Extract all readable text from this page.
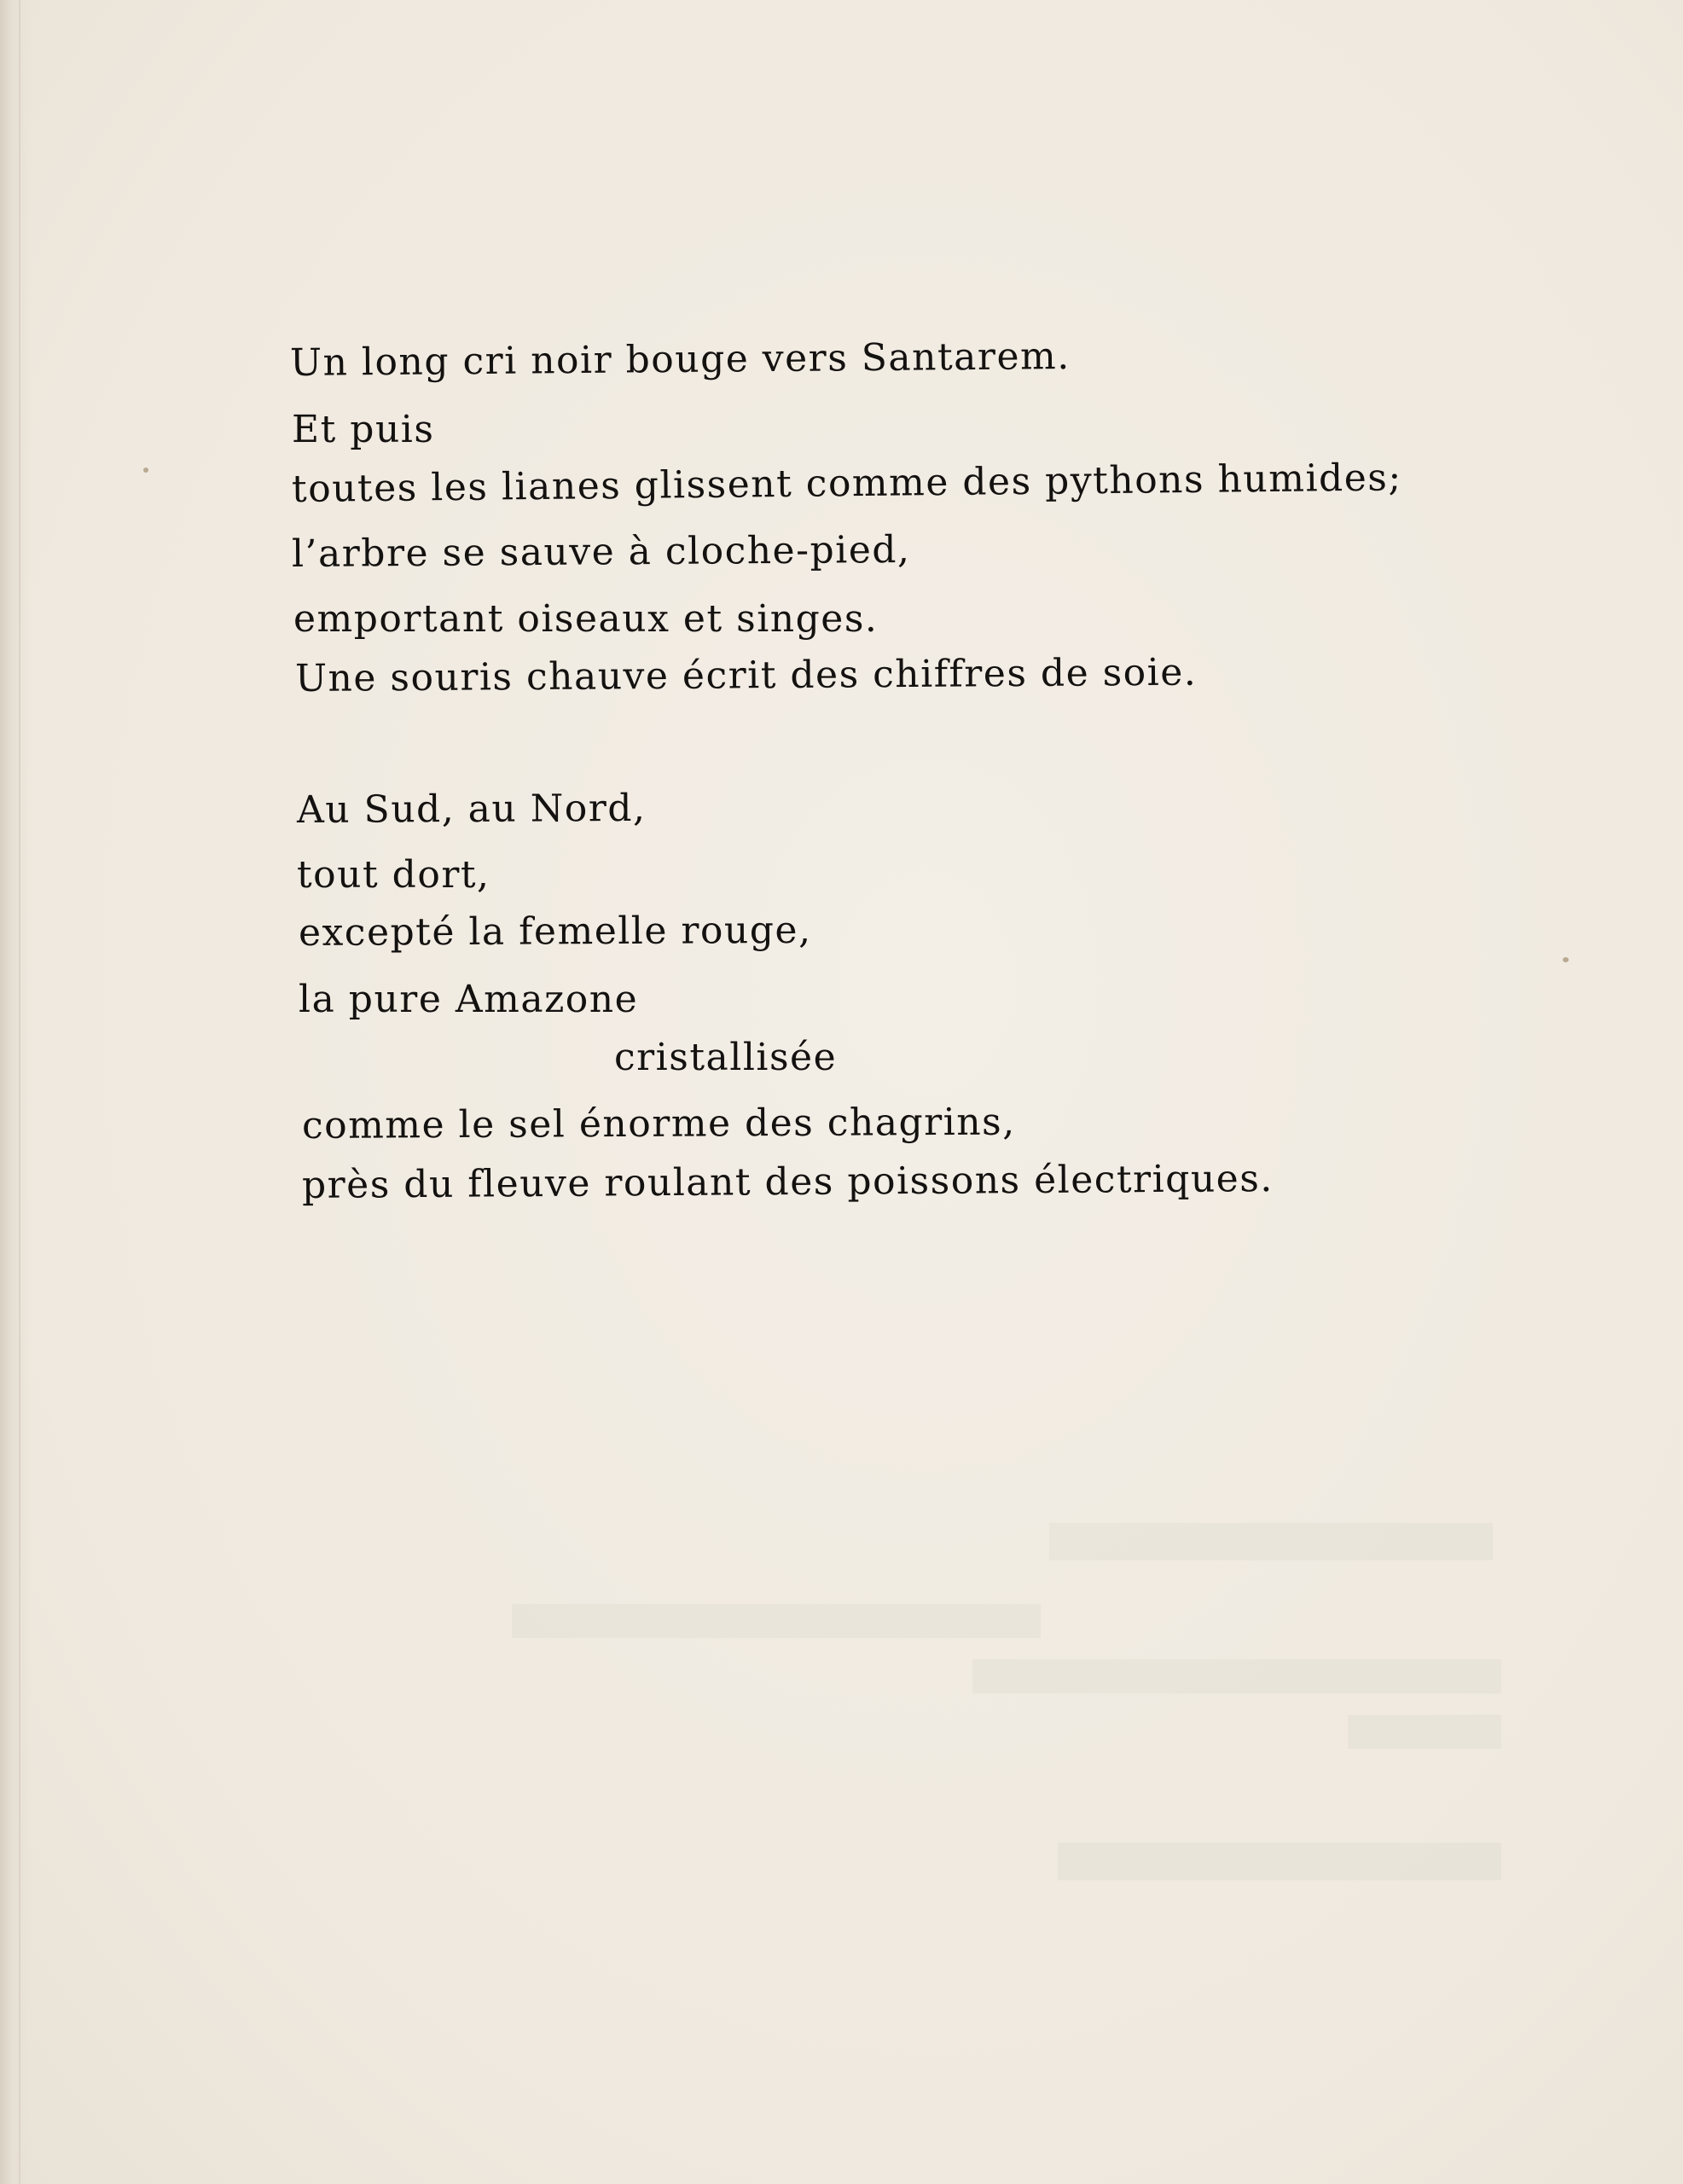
Un long cri noir bouge vers Santarem.
Et puis
toutes les lianes glissent comme des pythons humides;
l’arbre se sauve à cloche-pied,
emportant oiseaux et singes.
Une souris chauve écrit des chiffres de soie.
Au Sud, au Nord,
tout dort,
excepté la femelle rouge,
la pure Amazone
cristallisée
comme le sel énorme des chagrins,
près du fleuve roulant des poissons électriques.
